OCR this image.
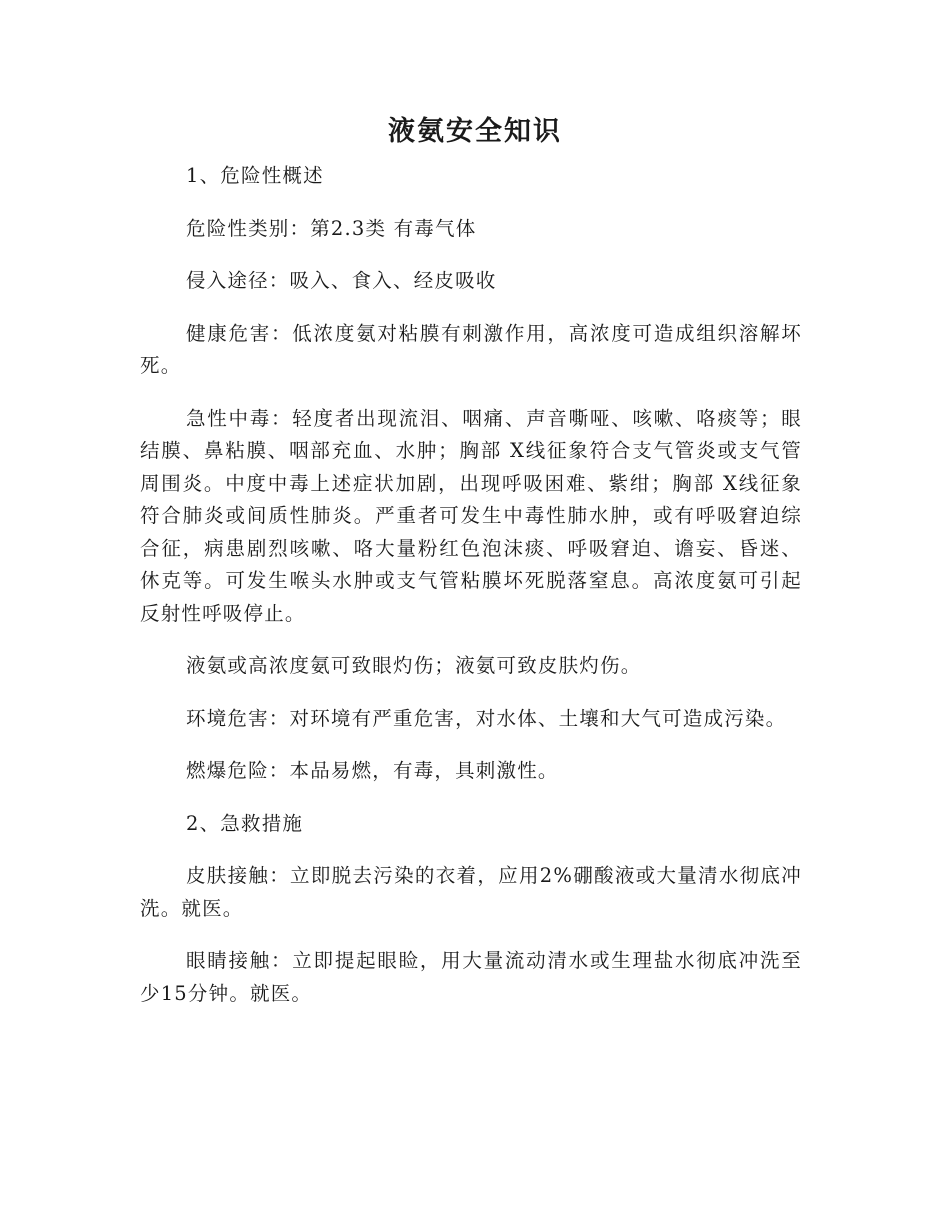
液氨安全知识

1、危险性概述

危险性类别：第2.3类 有毒气体

侵入途径：吸入、食入、经皮吸收

健康危害：低浓度氨对粘膜有刺激作用，高浓度可造成组织溶解坏死。

急性中毒：轻度者出现流泪、咽痛、声音嘶哑、咳嗽、咯痰等；眼结膜、鼻粘膜、咽部充血、水肿；胸部 X线征象符合支气管炎或支气管周围炎。中度中毒上述症状加剧，出现呼吸困难、紫绀；胸部 X线征象符合肺炎或间质性肺炎。严重者可发生中毒性肺水肿，或有呼吸窘迫综合征，病患剧烈咳嗽、咯大量粉红色泡沫痰、呼吸窘迫、谵妄、昏迷、休克等。可发生喉头水肿或支气管粘膜坏死脱落窒息。高浓度氨可引起反射性呼吸停止。

液氨或高浓度氨可致眼灼伤；液氨可致皮肤灼伤。

环境危害：对环境有严重危害，对水体、土壤和大气可造成污染。

燃爆危险：本品易燃，有毒，具刺激性。

2、急救措施

皮肤接触：立即脱去污染的衣着，应用2%硼酸液或大量清水彻底冲洗。就医。

眼睛接触：立即提起眼睑，用大量流动清水或生理盐水彻底冲洗至少15分钟。就医。
